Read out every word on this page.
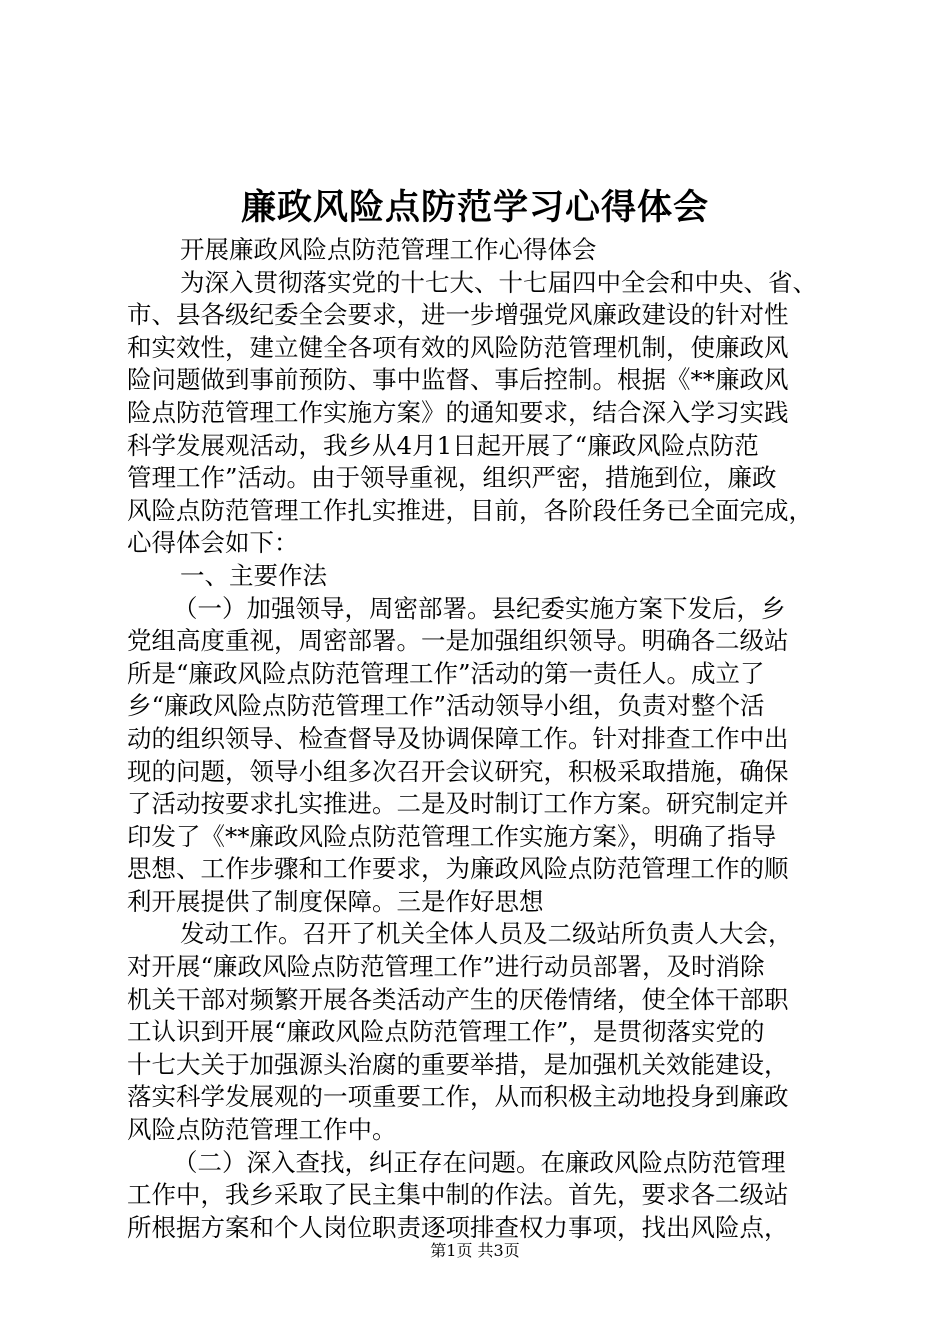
廉政风险点防范学习心得体会
开展廉政风险点防范管理工作心得体会
为深入贯彻落实党的十七大、十七届四中全会和中央、省、
市、县各级纪委全会要求，进一步增强党风廉政建设的针对性
和实效性，建立健全各项有效的风险防范管理机制，使廉政风
险问题做到事前预防、事中监督、事后控制。根据《**廉政风
险点防范管理工作实施方案》的通知要求，结合深入学习实践
科学发展观活动，我乡从4月1日起开展了“廉政风险点防范
管理工作”活动。由于领导重视，组织严密，措施到位，廉政
风险点防范管理工作扎实推进，目前，各阶段任务已全面完成，
心得体会如下：
一、主要作法
（一）加强领导，周密部署。县纪委实施方案下发后，乡
党组高度重视，周密部署。一是加强组织领导。明确各二级站
所是“廉政风险点防范管理工作”活动的第一责任人。成立了
乡“廉政风险点防范管理工作”活动领导小组，负责对整个活
动的组织领导、检查督导及协调保障工作。针对排查工作中出
现的问题，领导小组多次召开会议研究，积极采取措施，确保
了活动按要求扎实推进。二是及时制订工作方案。研究制定并
印发了《**廉政风险点防范管理工作实施方案》，明确了指导
思想、工作步骤和工作要求，为廉政风险点防范管理工作的顺
利开展提供了制度保障。三是作好思想
发动工作。召开了机关全体人员及二级站所负责人大会，
对开展“廉政风险点防范管理工作”进行动员部署，及时消除
机关干部对频繁开展各类活动产生的厌倦情绪，使全体干部职
工认识到开展“廉政风险点防范管理工作”，是贯彻落实党的
十七大关于加强源头治腐的重要举措，是加强机关效能建设，
落实科学发展观的一项重要工作，从而积极主动地投身到廉政
风险点防范管理工作中。
（二）深入查找，纠正存在问题。在廉政风险点防范管理
工作中，我乡采取了民主集中制的作法。首先，要求各二级站
所根据方案和个人岗位职责逐项排查权力事项，找出风险点，
第1页 共3页
